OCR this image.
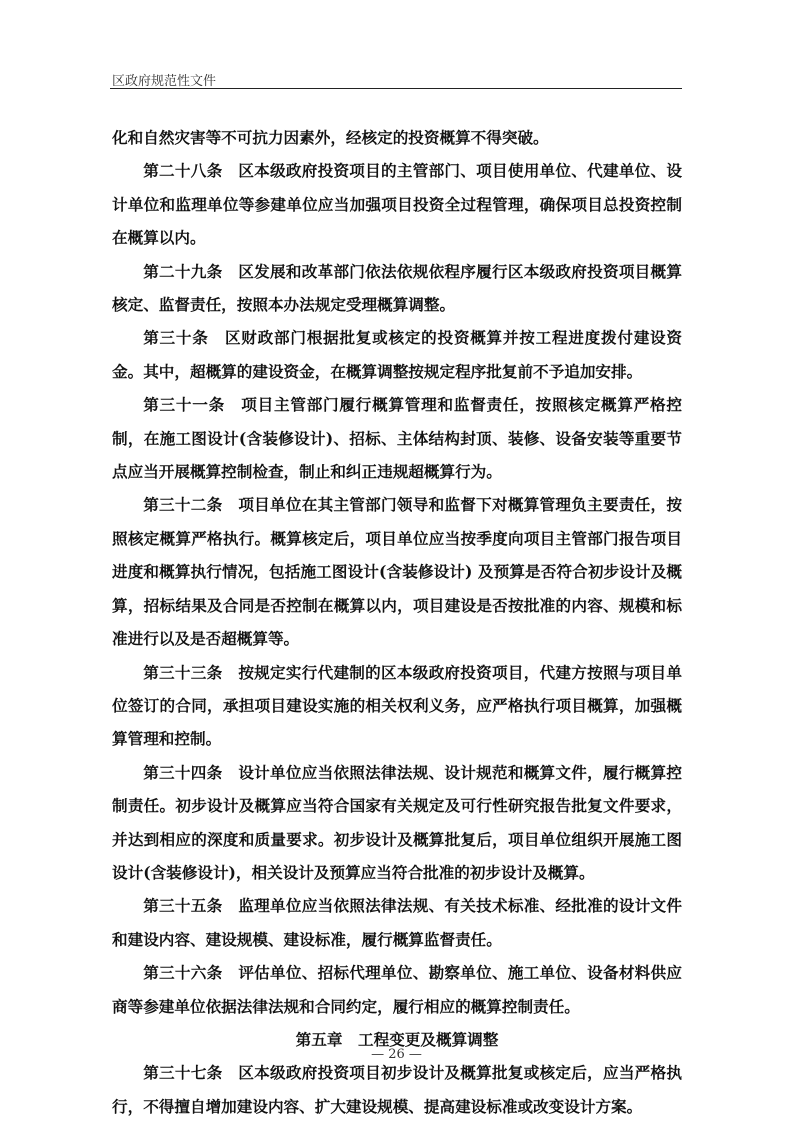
区政府规范性文件

化和自然灾害等不可抗力因素外，经核定的投资概算不得突破。

第二十八条　区本级政府投资项目的主管部门、项目使用单位、代建单位、设计单位和监理单位等参建单位应当加强项目投资全过程管理，确保项目总投资控制在概算以内。

第二十九条　区发展和改革部门依法依规依程序履行区本级政府投资项目概算核定、监督责任，按照本办法规定受理概算调整。

第三十条　区财政部门根据批复或核定的投资概算并按工程进度拨付建设资金。其中，超概算的建设资金，在概算调整按规定程序批复前不予追加安排。

第三十一条　项目主管部门履行概算管理和监督责任，按照核定概算严格控制，在施工图设计(含装修设计)、招标、主体结构封顶、装修、设备安装等重要节点应当开展概算控制检查，制止和纠正违规超概算行为。

第三十二条　项目单位在其主管部门领导和监督下对概算管理负主要责任，按照核定概算严格执行。概算核定后，项目单位应当按季度向项目主管部门报告项目进度和概算执行情况，包括施工图设计(含装修设计) 及预算是否符合初步设计及概算，招标结果及合同是否控制在概算以内，项目建设是否按批准的内容、规模和标准进行以及是否超概算等。

第三十三条　按规定实行代建制的区本级政府投资项目，代建方按照与项目单位签订的合同，承担项目建设实施的相关权利义务，应严格执行项目概算，加强概算管理和控制。

第三十四条　设计单位应当依照法律法规、设计规范和概算文件，履行概算控制责任。初步设计及概算应当符合国家有关规定及可行性研究报告批复文件要求，并达到相应的深度和质量要求。初步设计及概算批复后，项目单位组织开展施工图设计(含装修设计)，相关设计及预算应当符合批准的初步设计及概算。

第三十五条　监理单位应当依照法律法规、有关技术标准、经批准的设计文件和建设内容、建设规模、建设标准，履行概算监督责任。

第三十六条　评估单位、招标代理单位、勘察单位、施工单位、设备材料供应商等参建单位依据法律法规和合同约定，履行相应的概算控制责任。

第五章　工程变更及概算调整

第三十七条　区本级政府投资项目初步设计及概算批复或核定后，应当严格执行，不得擅自增加建设内容、扩大建设规模、提高建设标准或改变设计方案。

— 26 —
